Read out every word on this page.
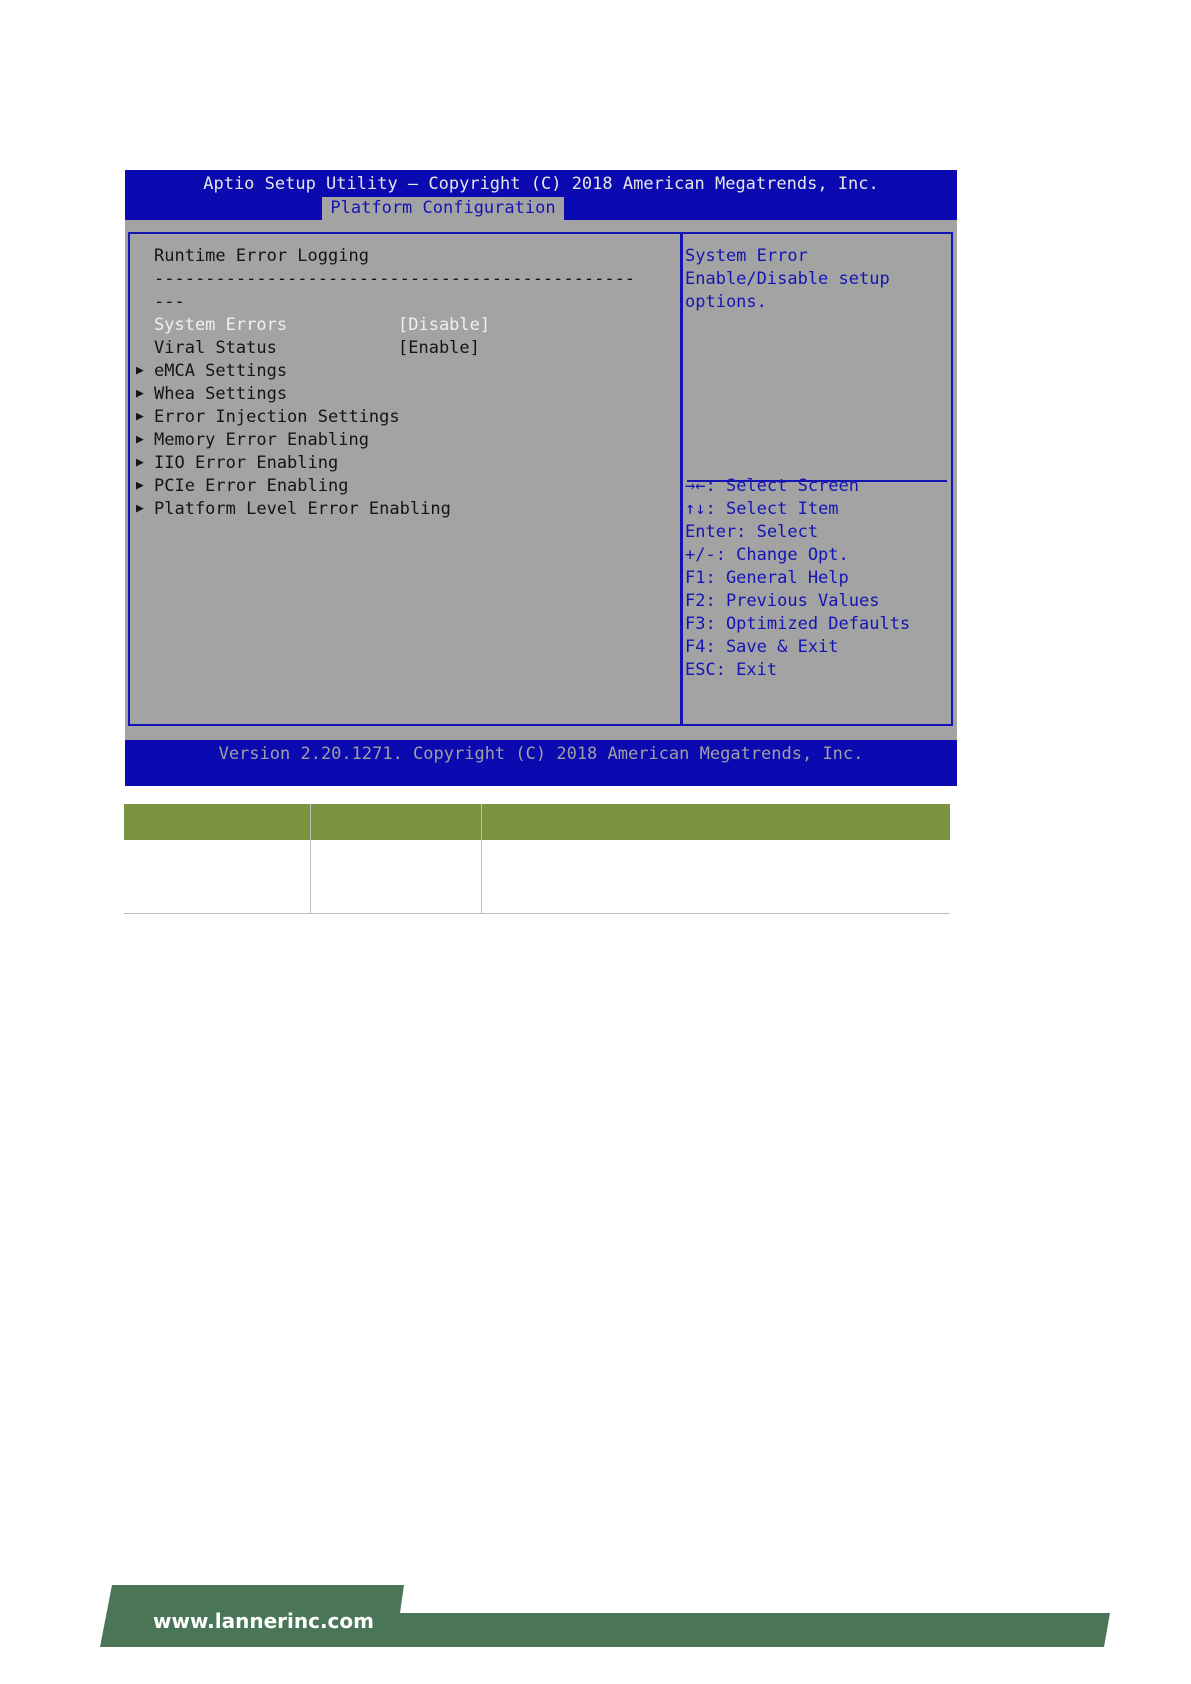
Aptio Setup Utility – Copyright (C) 2018 American Megatrends, Inc.
Platform Configuration
Runtime Error Logging
-----------------------------------------------
---
System Errors	[Disable]
Viral Status	[Enable]
▶ eMCA Settings
▶ Whea Settings
▶ Error Injection Settings
▶ Memory Error Enabling
▶ IIO Error Enabling
▶ PCIe Error Enabling
▶ Platform Level Error Enabling
System Error
Enable/Disable setup
options.
→←: Select Screen
↑↓: Select Item
Enter: Select
+/-: Change Opt.
F1: General Help
F2: Previous Values
F3: Optimized Defaults
F4: Save & Exit
ESC: Exit
Version 2.20.1271. Copyright (C) 2018 American Megatrends, Inc.
www.lannerinc.com
